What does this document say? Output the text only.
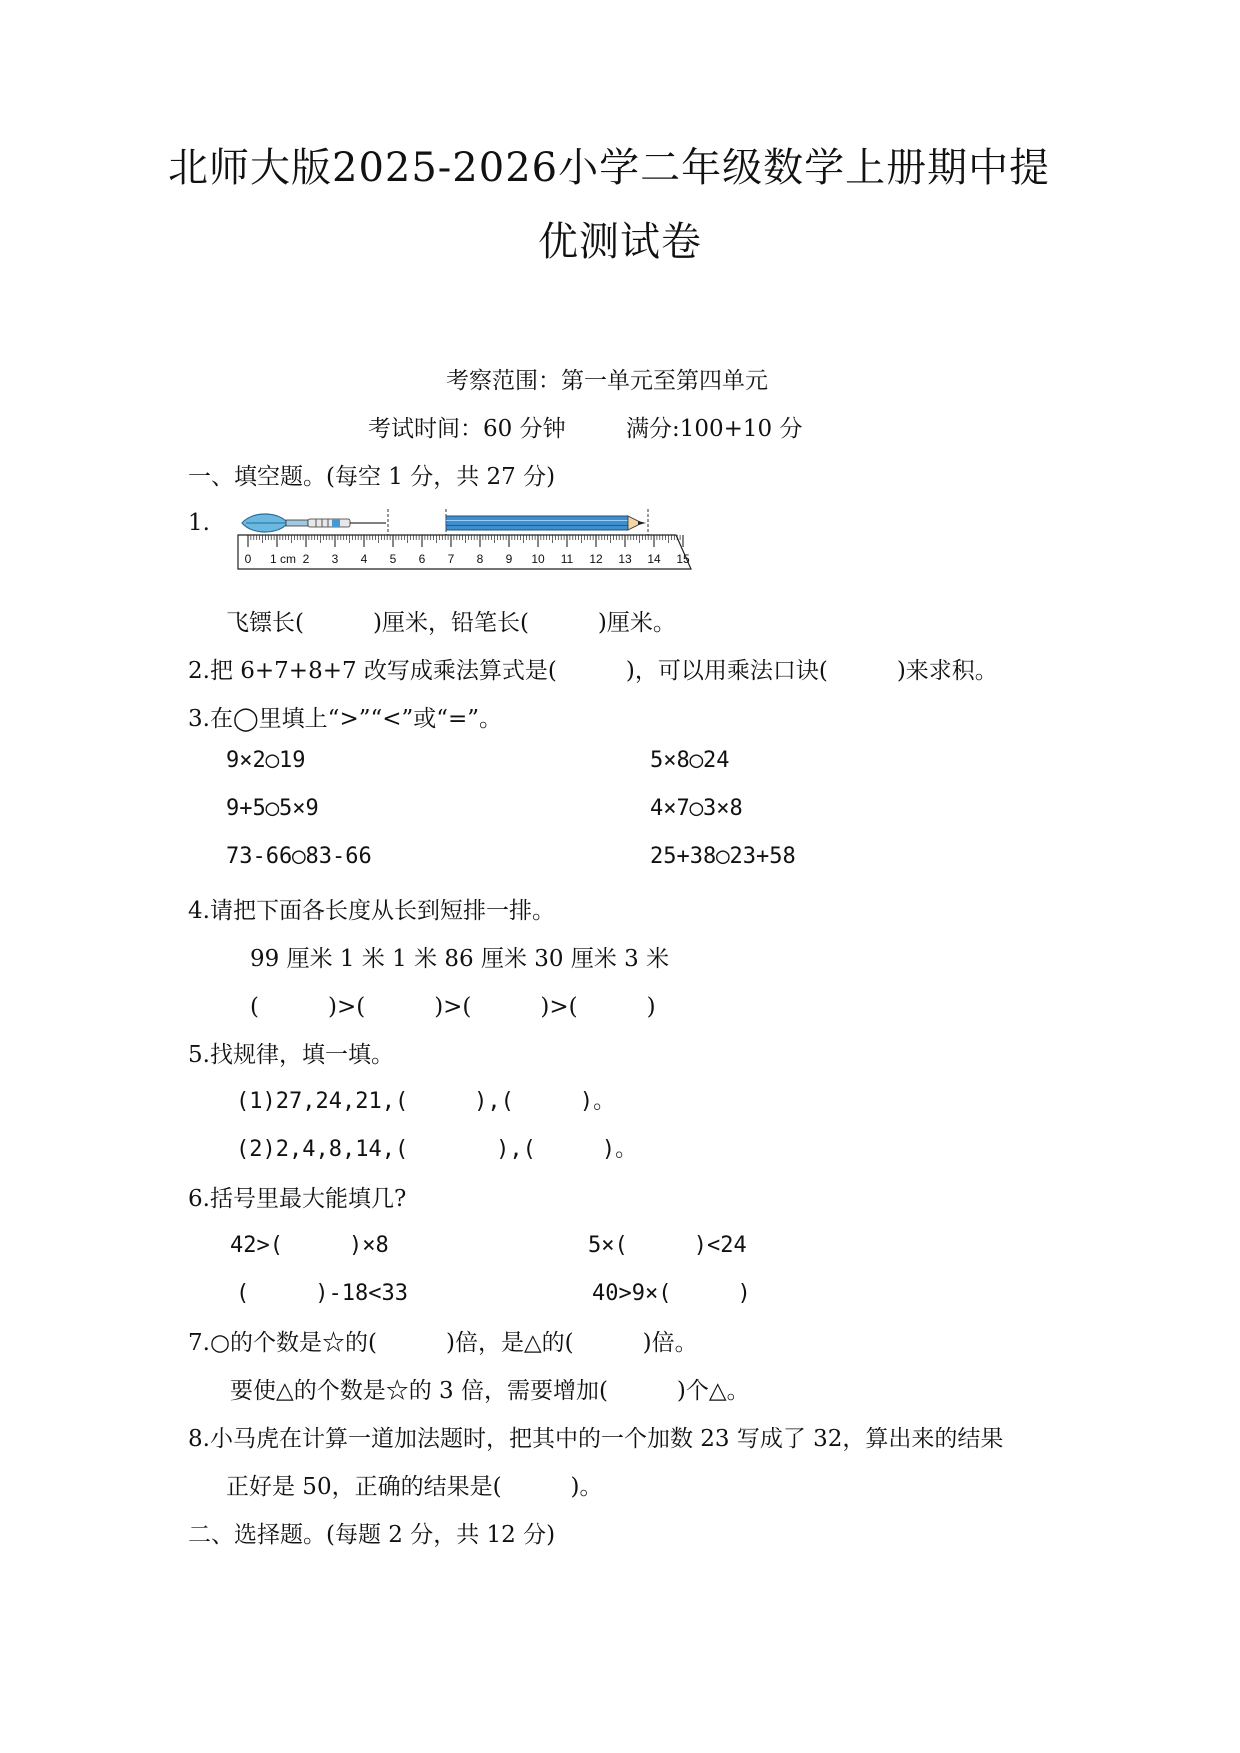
北师大版2025-2026小学二年级数学上册期中提
优测试卷
考察范围：第一单元至第四单元
考试时间：60 分钟	满分:100+10 分
一、填空题。(每空 1 分，共 27 分)
1.
0 1 cm 2 3 4 5 6 7 8 9 10 11 12 13 14 15
飞镖长(　　　)厘米，铅笔长(　　　)厘米。
2.把 6+7+8+7 改写成乘法算式是(　　　)，可以用乘法口诀(　　　)来求积。
3.在◯里填上“>”“<”或“=”。
9×2◯19	5×8◯24
9+5◯5×9	4×7◯3×8
73-66◯83-66	25+38◯23+58
4.请把下面各长度从长到短排一排。
99 厘米 1 米 1 米 86 厘米 30 厘米 3 米
(　　　)>(　　　)>(　　　)>(　　　)
5.找规律，填一填。
(1)27,24,21,(　　　),(　　　)。
(2)2,4,8,14,(　　　　),(　　　)。
6.括号里最大能填几?
42>(　　　)×8	5×(　　　)<24
(　　　)-18<33	40>9×(　　　)
7.○的个数是☆的(　　　)倍，是△的(　　　)倍。
要使△的个数是☆的 3 倍，需要增加(　　　)个△。
8.小马虎在计算一道加法题时，把其中的一个加数 23 写成了 32，算出来的结果
正好是 50，正确的结果是(　　　)。
二、选择题。(每题 2 分，共 12 分)
